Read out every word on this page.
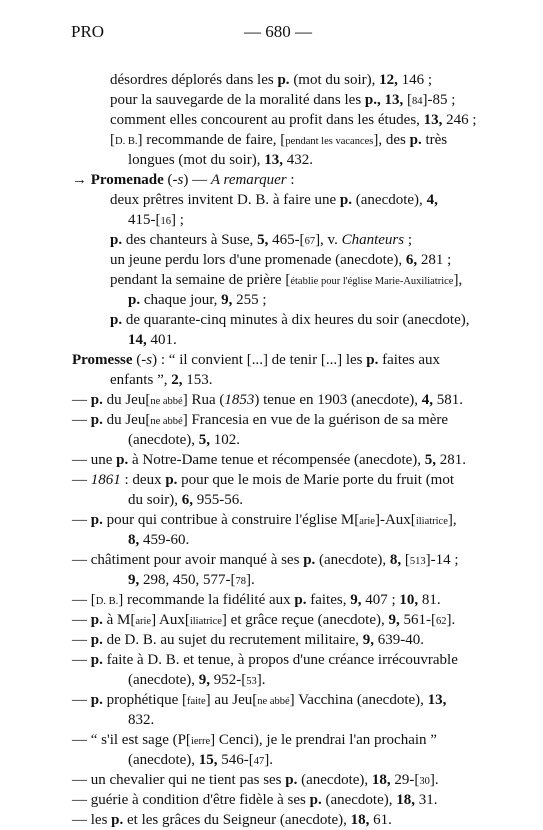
PRO	— 680 —
désordres déplorés dans les p. (mot du soir), 12, 146 ;
pour la sauvegarde de la moralité dans les p., 13, [84]-85 ;
comment elles concourent au profit dans les études, 13, 246 ;
[D. B.] recommande de faire, [pendant les vacances], des p. très
longues (mot du soir), 13, 432.
→ Promenade (-s) — A remarquer :
deux prêtres invitent D. B. à faire une p. (anecdote), 4,
415-[16] ;
p. des chanteurs à Suse, 5, 465-[67], v. Chanteurs ;
un jeune perdu lors d'une promenade (anecdote), 6, 281 ;
pendant la semaine de prière [établie pour l'église Marie-Auxiliatrice],
p. chaque jour, 9, 255 ;
p. de quarante-cinq minutes à dix heures du soir (anecdote),
14, 401.
Promesse (-s) : “ il convient [...] de tenir [...] les p. faites aux
enfants ”, 2, 153.
— p. du Jeu[ne abbé] Rua (1853) tenue en 1903 (anecdote), 4, 581.
— p. du Jeu[ne abbé] Francesia en vue de la guérison de sa mère
(anecdote), 5, 102.
— une p. à Notre-Dame tenue et récompensée (anecdote), 5, 281.
— 1861 : deux p. pour que le mois de Marie porte du fruit (mot
du soir), 6, 955-56.
— p. pour qui contribue à construire l'église M[arie]-Aux[iliatrice],
8, 459-60.
— châtiment pour avoir manqué à ses p. (anecdote), 8, [513]-14 ;
9, 298, 450, 577-[78].
— [D. B.] recommande la fidélité aux p. faites, 9, 407 ; 10, 81.
— p. à M[arie] Aux[iliatrice] et grâce reçue (anecdote), 9, 561-[62].
— p. de D. B. au sujet du recrutement militaire, 9, 639-40.
— p. faite à D. B. et tenue, à propos d'une créance irrécouvrable
(anecdote), 9, 952-[53].
— p. prophétique [faite] au Jeu[ne abbé] Vacchina (anecdote), 13,
832.
— “ s'il est sage (P[ierre] Cenci), je le prendrai l'an prochain ”
(anecdote), 15, 546-[47].
— un chevalier qui ne tient pas ses p. (anecdote), 18, 29-[30].
— guérie à condition d'être fidèle à ses p. (anecdote), 18, 31.
— les p. et les grâces du Seigneur (anecdote), 18, 61.
